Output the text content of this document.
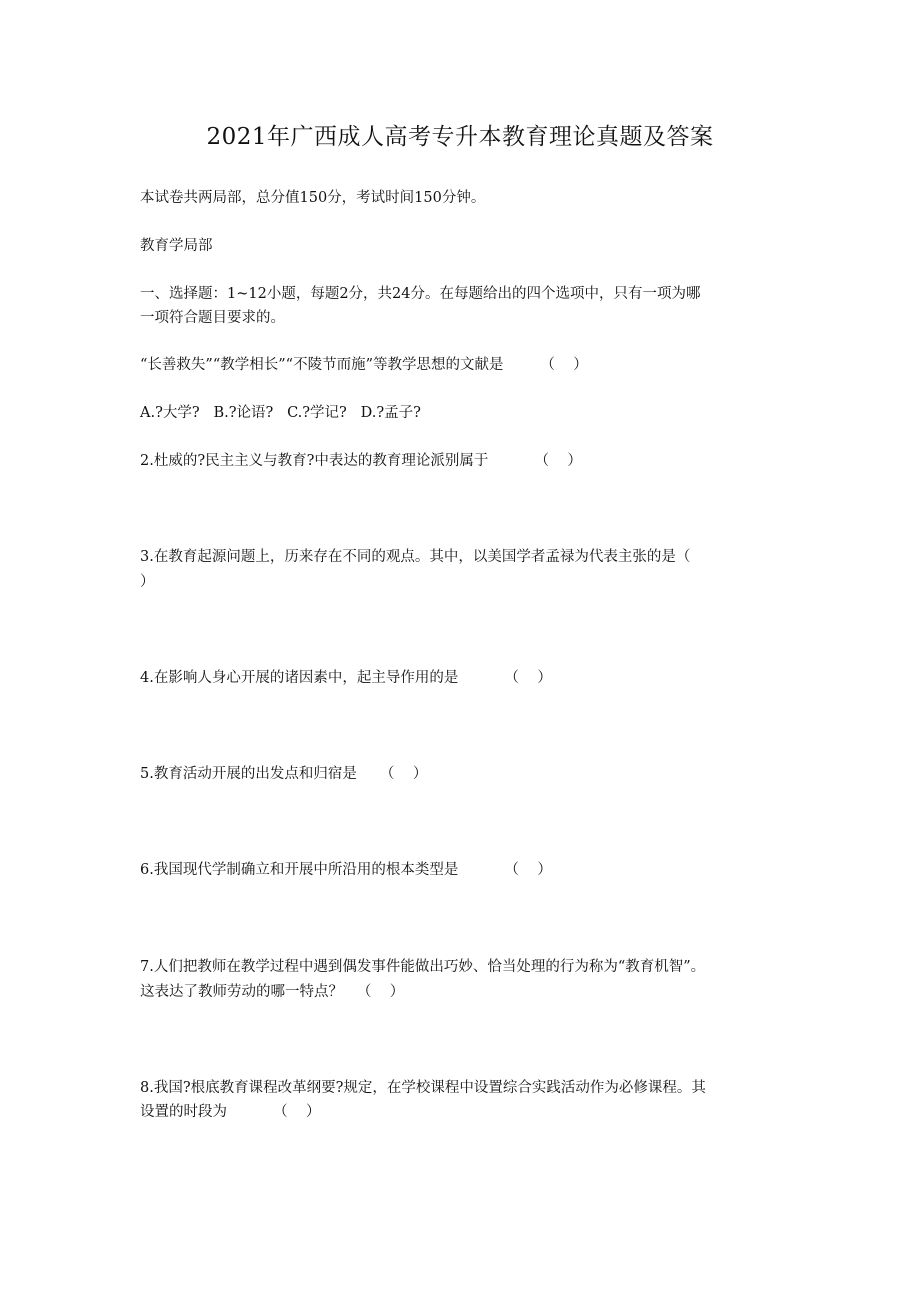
2021年广西成人高考专升本教育理论真题及答案
本试卷共两局部，总分值150分，考试时间150分钟。
教育学局部
一、选择题：1~12小题，每题2分，共24分。在每题给出的四个选项中，只有一项为哪
一项符合题目要求的。
“长善救失”“教学相长”“不陵节而施”等教学思想的文献是        （    ）
A.?大学?   B.?论语?   C.?学记?   D.?孟子?
2.杜威的?民主主义与教育?中表达的教育理论派别属于          （    ）
3.在教育起源问题上，历来存在不同的观点。其中，以美国学者孟禄为代表主张的是（
）
4.在影响人身心开展的诸因素中，起主导作用的是          （    ）
5.教育活动开展的出发点和归宿是     （    ）
6.我国现代学制确立和开展中所沿用的根本类型是          （    ）
7.人们把教师在教学过程中遇到偶发事件能做出巧妙、恰当处理的行为称为“教育机智”。
这表达了教师劳动的哪一特点？   （    ）
8.我国?根底教育课程改革纲要?规定，在学校课程中设置综合实践活动作为必修课程。其
设置的时段为          （    ）
